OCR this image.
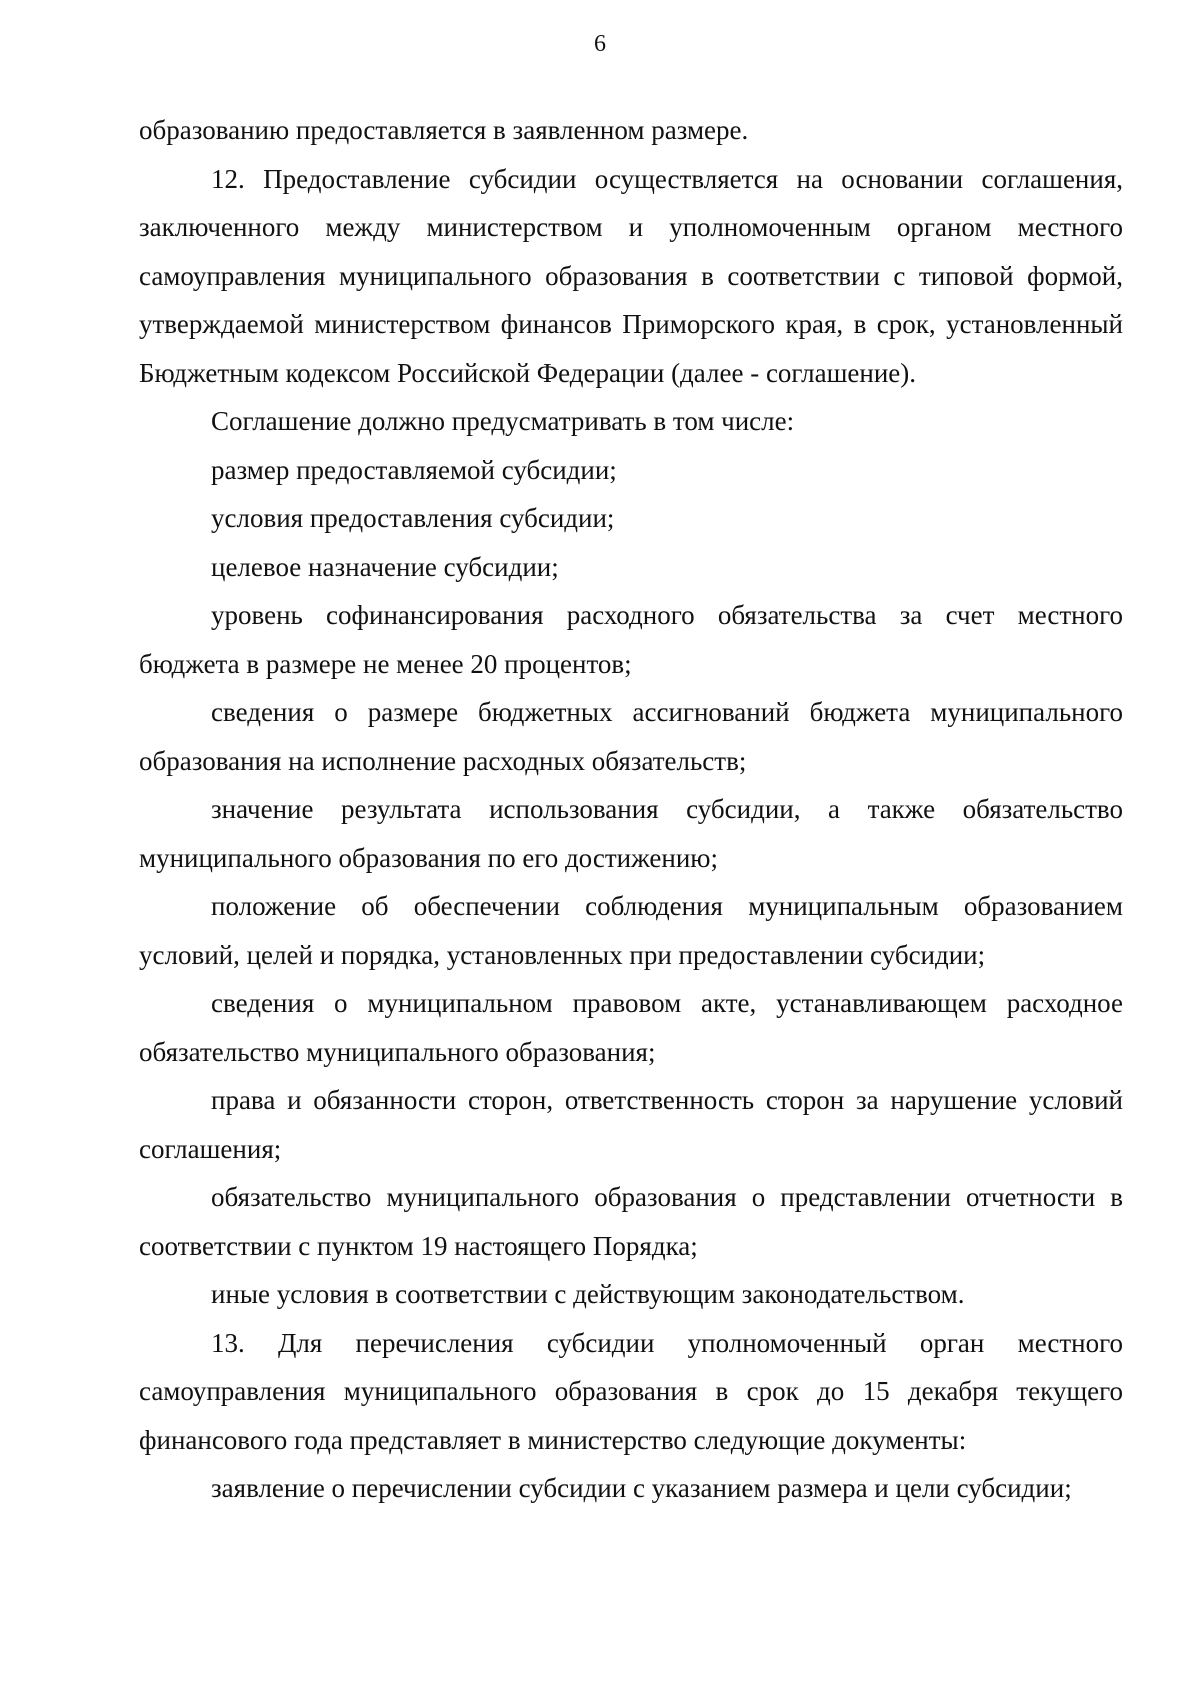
6

образованию предоставляется в заявленном размере.

12. Предоставление субсидии осуществляется на основании соглашения, заключенного между министерством и уполномоченным органом местного самоуправления муниципального образования в соответствии с типовой формой, утверждаемой министерством финансов Приморского края, в срок, установленный Бюджетным кодексом Российской Федерации (далее - соглашение).

Соглашение должно предусматривать в том числе:

размер предоставляемой субсидии;

условия предоставления субсидии;

целевое назначение субсидии;

уровень софинансирования расходного обязательства за счет местного бюджета в размере не менее 20 процентов;

сведения о размере бюджетных ассигнований бюджета муниципального образования на исполнение расходных обязательств;

значение результата использования субсидии, а также обязательство муниципального образования по его достижению;

положение об обеспечении соблюдения муниципальным образованием условий, целей и порядка, установленных при предоставлении субсидии;

сведения о муниципальном правовом акте, устанавливающем расходное обязательство муниципального образования;

права и обязанности сторон, ответственность сторон за нарушение условий соглашения;

обязательство муниципального образования о представлении отчетности в соответствии с пунктом 19 настоящего Порядка;

иные условия в соответствии с действующим законодательством.

13. Для перечисления субсидии уполномоченный орган местного самоуправления муниципального образования в срок до 15 декабря текущего финансового года представляет в министерство следующие документы:

заявление о перечислении субсидии с указанием размера и цели субсидии;
